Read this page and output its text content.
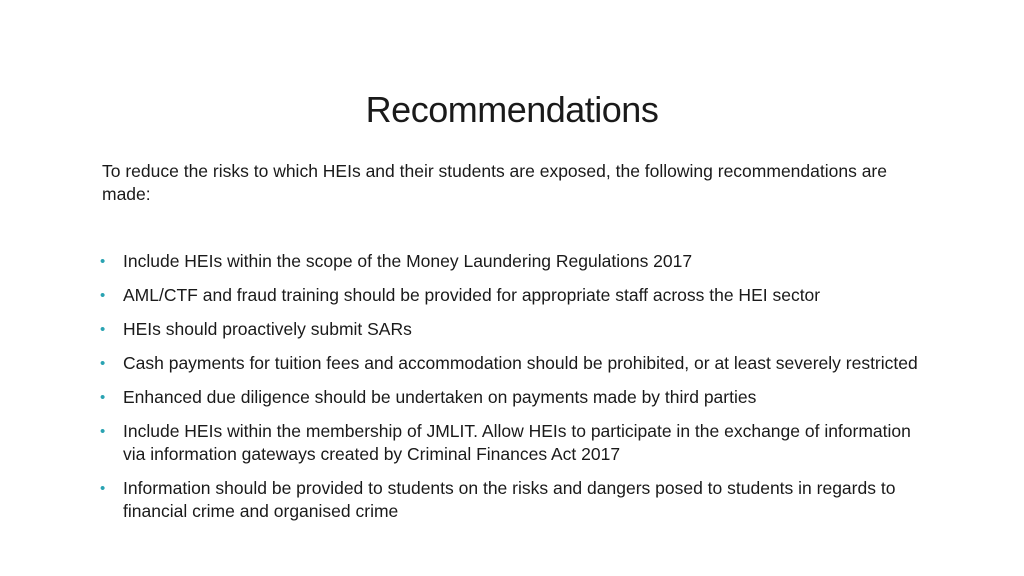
Recommendations
To reduce the risks to which HEIs and their students are exposed, the following recommendations are made:
•	Include HEIs within the scope of the Money Laundering Regulations 2017
•	AML/CTF and fraud training should be provided for appropriate staff across the HEI sector
•	HEIs should proactively submit SARs
•	Cash payments for tuition fees and accommodation should be prohibited, or at least severely restricted
•	Enhanced due diligence should be undertaken on payments made by third parties
•	Include HEIs within the membership of JMLIT. Allow HEIs to participate in the exchange of information via information gateways created by Criminal Finances Act 2017
•	Information should be provided to students on the risks and dangers posed to students in regards to financial crime and organised crime
